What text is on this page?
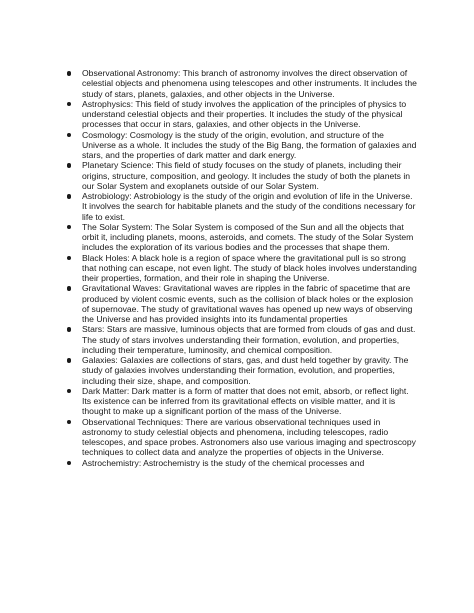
Observational Astronomy: This branch of astronomy involves the direct observation of celestial objects and phenomena using telescopes and other instruments. It includes the study of stars, planets, galaxies, and other objects in the Universe.
Astrophysics: This field of study involves the application of the principles of physics to understand celestial objects and their properties. It includes the study of the physical processes that occur in stars, galaxies, and other objects in the Universe.
Cosmology: Cosmology is the study of the origin, evolution, and structure of the Universe as a whole. It includes the study of the Big Bang, the formation of galaxies and stars, and the properties of dark matter and dark energy.
Planetary Science: This field of study focuses on the study of planets, including their origins, structure, composition, and geology. It includes the study of both the planets in our Solar System and exoplanets outside of our Solar System.
Astrobiology: Astrobiology is the study of the origin and evolution of life in the Universe. It involves the search for habitable planets and the study of the conditions necessary for life to exist.
The Solar System: The Solar System is composed of the Sun and all the objects that orbit it, including planets, moons, asteroids, and comets. The study of the Solar System includes the exploration of its various bodies and the processes that shape them.
Black Holes: A black hole is a region of space where the gravitational pull is so strong that nothing can escape, not even light. The study of black holes involves understanding their properties, formation, and their role in shaping the Universe.
Gravitational Waves: Gravitational waves are ripples in the fabric of spacetime that are produced by violent cosmic events, such as the collision of black holes or the explosion of supernovae. The study of gravitational waves has opened up new ways of observing the Universe and has provided insights into its fundamental properties
Stars: Stars are massive, luminous objects that are formed from clouds of gas and dust. The study of stars involves understanding their formation, evolution, and properties, including their temperature, luminosity, and chemical composition.
Galaxies: Galaxies are collections of stars, gas, and dust held together by gravity. The study of galaxies involves understanding their formation, evolution, and properties, including their size, shape, and composition.
Dark Matter: Dark matter is a form of matter that does not emit, absorb, or reflect light. Its existence can be inferred from its gravitational effects on visible matter, and it is thought to make up a significant portion of the mass of the Universe.
Observational Techniques: There are various observational techniques used in astronomy to study celestial objects and phenomena, including telescopes, radio telescopes, and space probes. Astronomers also use various imaging and spectroscopy techniques to collect data and analyze the properties of objects in the Universe.
Astrochemistry: Astrochemistry is the study of the chemical processes and
